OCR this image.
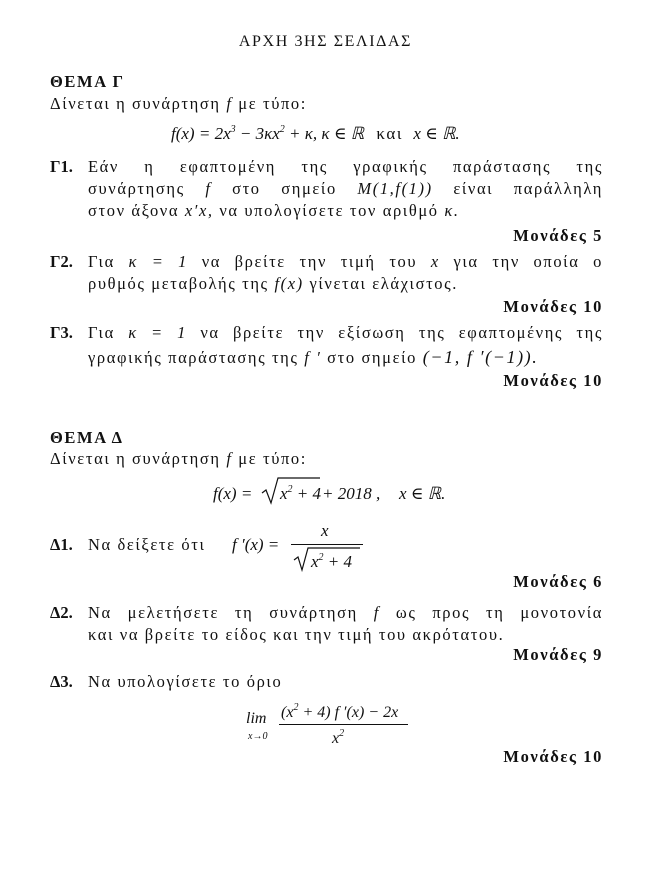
ΑΡΧΗ 3ΗΣ ΣΕΛΙΔΑΣ
ΘΕΜΑ Γ
Δίνεται η συνάρτηση f με τύπο:
$f(x) = 2x^3 - 3\kappa x^2 + \kappa$, κ ∈ ℝ και x ∈ ℝ.
Γ1. Εάν η εφαπτομένη της γραφικής παράστασης της
συνάρτησης f στο σημείο M(1,f(1)) είναι παράλληλη
στον άξονα x′x, να υπολογίσετε τον αριθμό κ.
Μονάδες 5
Γ2. Για κ = 1 να βρείτε την τιμή του x για την οποία ο
ρυθμός μεταβολής της f(x) γίνεται ελάχιστος.
Μονάδες 10
Γ3. Για κ = 1 να βρείτε την εξίσωση της εφαπτομένης της
γραφικής παράστασης της f ′ στο σημείο (−1, f ′(−1)).
Μονάδες 10
ΘΕΜΑ Δ
Δίνεται η συνάρτηση f με τύπο:
$f(x) = x^2 + 4 + 2018$ , x ∈ ℝ.
Δ1. Να δείξετε ότι f ′(x) =
x
$x^2 + 4$
Μονάδες 6
Δ2. Να μελετήσετε τη συνάρτηση f ως προς τη μονοτονία
και να βρείτε το είδος και την τιμή του ακρότατου.
Μονάδες 9
Δ3. Να υπολογίσετε το όριο
lim
x→0
$(x^2 + 4)$ f ′(x) − 2x
$x^2$
Μονάδες 10
